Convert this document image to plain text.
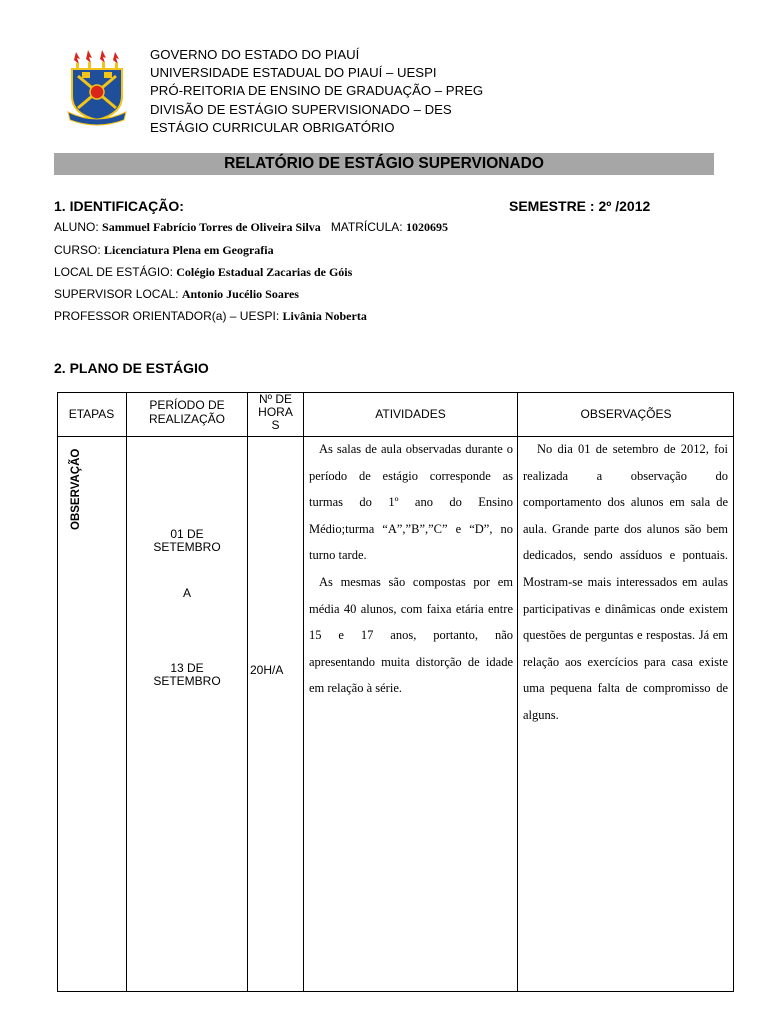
GOVERNO DO ESTADO DO PIAUÍ
UNIVERSIDADE ESTADUAL DO PIAUÍ – UESPI
PRÓ-REITORIA DE ENSINO DE GRADUAÇÃO – PREG
DIVISÃO DE ESTÁGIO SUPERVISIONADO – DES
ESTÁGIO CURRICULAR OBRIGATÓRIO
RELATÓRIO DE ESTÁGIO SUPERVIONADO
1. IDENTIFICAÇÃO:	SEMESTRE : 2º /2012
ALUNO: Sammuel Fabrício Torres de Oliveira Silva MATRÍCULA: 1020695
CURSO: Licenciatura Plena em Geografia
LOCAL DE ESTÁGIO: Colégio Estadual Zacarias de Góis
SUPERVISOR LOCAL: Antonio Jucélio Soares
PROFESSOR ORIENTADOR(a) – UESPI: Livânia Noberta
2. PLANO DE ESTÁGIO
ETAPAS
PERÍODO DE
REALIZAÇÃO
Nº DE
HORA
S
ATIVIDADES	OBSERVAÇÕES
OBSERVAÇÃO
01 DE
SETEMBRO
A
13 DE
SETEMBRO
20H/A

As salas de aula observadas durante o período de estágio corresponde as turmas do 1º ano do Ensino Médio;turma “A”,”B”,”C” e “D”, no turno tarde.

As mesmas são compostas por em média 40 alunos, com faixa etária entre 15 e 17 anos, portanto, não apresentando muita distorção de idade em relação à série.

No dia 01 de setembro de 2012, foi realizada a observação do comportamento dos alunos em sala de aula. Grande parte dos alunos são bem dedicados, sendo assíduos e pontuais. Mostram-se mais interessados em aulas participativas e dinâmicas onde existem questões de perguntas e respostas. Já em relação aos exercícios para casa existe uma pequena falta de compromisso de alguns.
